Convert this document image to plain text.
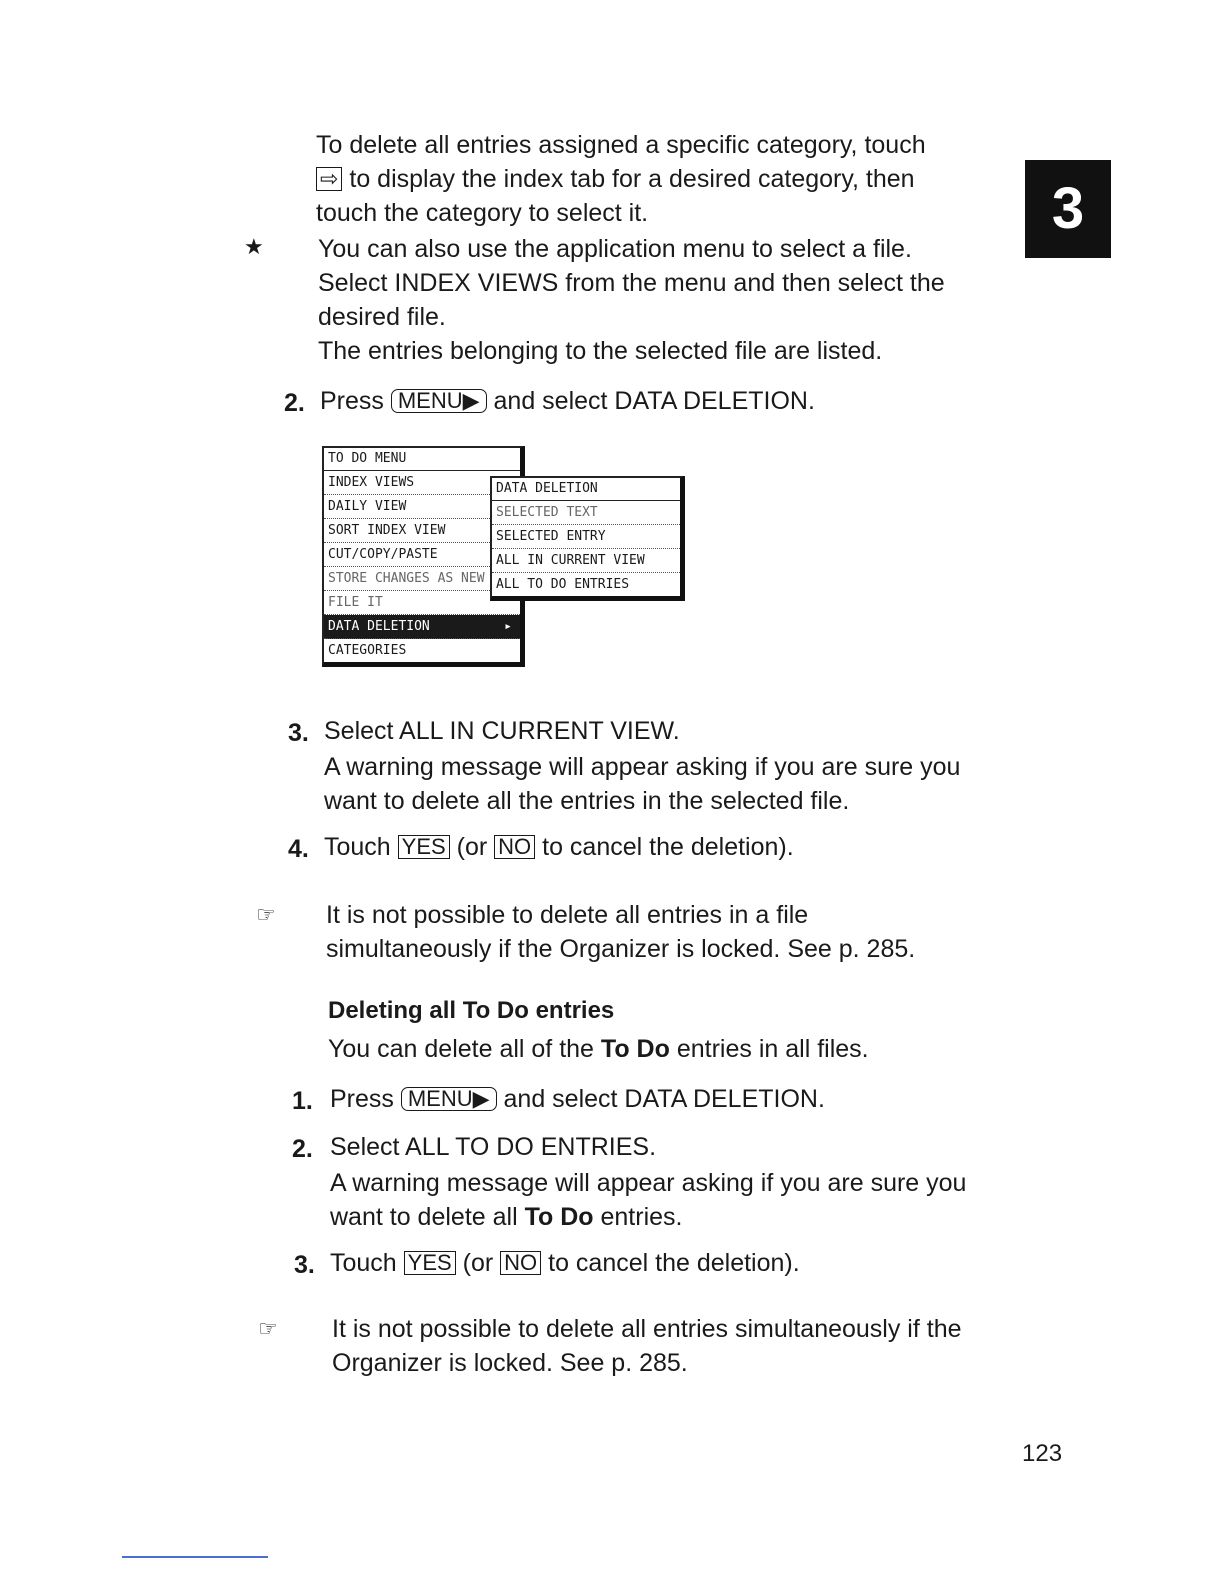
3
To delete all entries assigned a specific category, touch
⇨ to display the index tab for a desired category, then
touch the category to select it.
★ You can also use the application menu to select a file.
Select INDEX VIEWS from the menu and then select the
desired file.
The entries belonging to the selected file are listed.
2. Press MENU▶ and select DATA DELETION.
TO DO MENU
INDEX VIEWS
DAILY VIEW
SORT INDEX VIEW
CUT/COPY/PASTE
STORE CHANGES AS NEW
FILE IT
DATA DELETION	▸
CATEGORIES
DATA DELETION
SELECTED TEXT
SELECTED ENTRY
ALL IN CURRENT VIEW
ALL TO DO ENTRIES
3. Select ALL IN CURRENT VIEW.
A warning message will appear asking if you are sure you
want to delete all the entries in the selected file.
4. Touch YES (or NO to cancel the deletion).
☞ It is not possible to delete all entries in a file
simultaneously if the Organizer is locked. See p. 285.
Deleting all To Do entries
You can delete all of the To Do entries in all files.
1. Press MENU▶ and select DATA DELETION.
2. Select ALL TO DO ENTRIES.
A warning message will appear asking if you are sure you
want to delete all To Do entries.
3. Touch YES (or NO to cancel the deletion).
☞ It is not possible to delete all entries simultaneously if the
Organizer is locked. See p. 285.
123
